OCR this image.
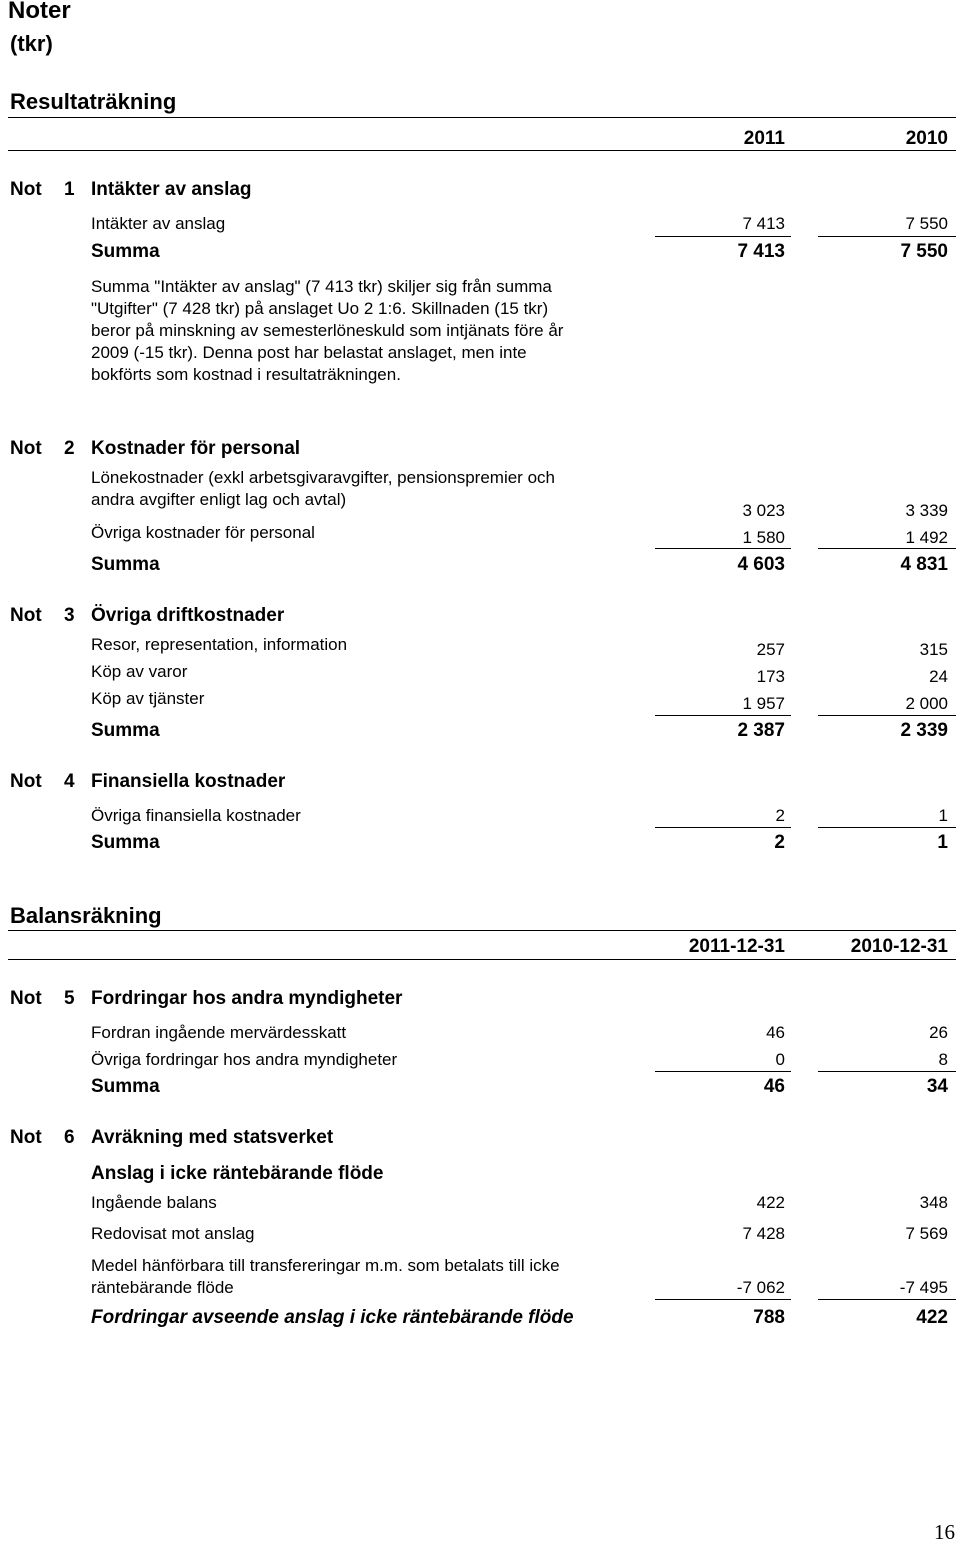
Noter
(tkr)
Resultaträkning
2011	2010
Not 1 Intäkter av anslag
Intäkter av anslag	7 413	7 550
Summa	7 413	7 550
Summa "Intäkter av anslag" (7 413 tkr) skiljer sig från summa
"Utgifter" (7 428 tkr) på anslaget Uo 2 1:6. Skillnaden (15 tkr)
beror på minskning av semesterlöneskuld som intjänats före år
2009 (-15 tkr). Denna post har belastat anslaget, men inte
bokförts som kostnad i resultaträkningen.
Not 2 Kostnader för personal
Lönekostnader (exkl arbetsgivaravgifter, pensionspremier och
andra avgifter enligt lag och avtal)
3 023	3 339
Övriga kostnader för personal	1 580	1 492
Summa	4 603	4 831
Not 3 Övriga driftkostnader
Resor, representation, information	257	315
Köp av varor	173	24
Köp av tjänster	1 957	2 000
Summa	2 387	2 339
Not 4 Finansiella kostnader
Övriga finansiella kostnader	2	1
Summa	2	1
Balansräkning
2011-12-31	2010-12-31
Not 5 Fordringar hos andra myndigheter
Fordran ingående mervärdesskatt	46	26
Övriga fordringar hos andra myndigheter	0	8
Summa	46	34
Not 6 Avräkning med statsverket
Anslag i icke räntebärande flöde
Ingående balans	422	348
Redovisat mot anslag	7 428	7 569
Medel hänförbara till transfereringar m.m. som betalats till icke
räntebärande flöde	-7 062	-7 495
Fordringar avseende anslag i icke räntebärande flöde	788	422
16
